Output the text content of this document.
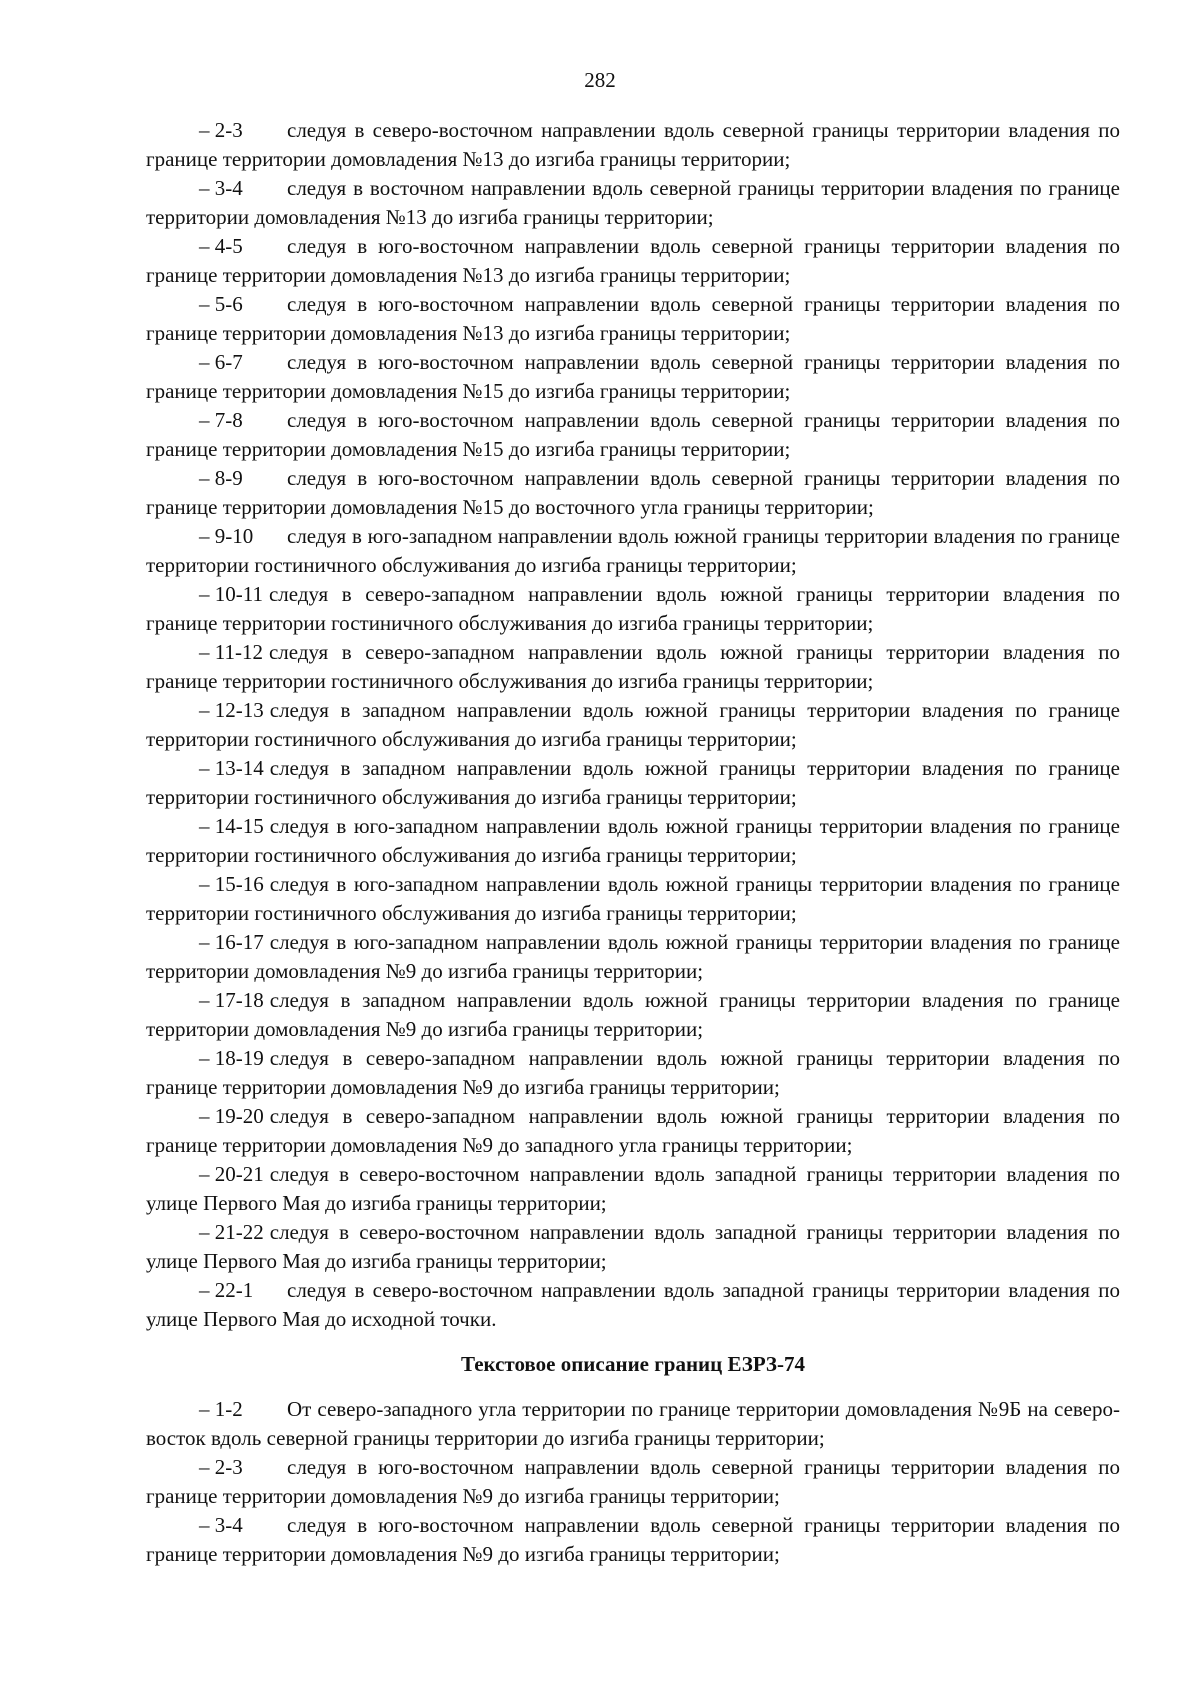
282

– 2-3 следуя в северо-восточном направлении вдоль северной границы территории владения по границе территории домовладения №13 до изгиба границы территории;

– 3-4 следуя в восточном направлении вдоль северной границы территории владения по границе территории домовладения №13 до изгиба границы территории;

– 4-5 следуя в юго-восточном направлении вдоль северной границы территории владения по границе территории домовладения №13 до изгиба границы территории;

– 5-6 следуя в юго-восточном направлении вдоль северной границы территории владения по границе территории домовладения №13 до изгиба границы территории;

– 6-7 следуя в юго-восточном направлении вдоль северной границы территории владения по границе территории домовладения №15 до изгиба границы территории;

– 7-8 следуя в юго-восточном направлении вдоль северной границы территории владения по границе территории домовладения №15 до изгиба границы территории;

– 8-9 следуя в юго-восточном направлении вдоль северной границы территории владения по границе территории домовладения №15 до восточного угла границы территории;

– 9-10 следуя в юго-западном направлении вдоль южной границы территории владения по границе территории гостиничного обслуживания до изгиба границы территории;

– 10-11 следуя в северо-западном направлении вдоль южной границы территории владения по границе территории гостиничного обслуживания до изгиба границы территории;

– 11-12 следуя в северо-западном направлении вдоль южной границы территории владения по границе территории гостиничного обслуживания до изгиба границы территории;

– 12-13 следуя в западном направлении вдоль южной границы территории владения по границе территории гостиничного обслуживания до изгиба границы территории;

– 13-14 следуя в западном направлении вдоль южной границы территории владения по границе территории гостиничного обслуживания до изгиба границы территории;

– 14-15 следуя в юго-западном направлении вдоль южной границы территории владения по границе территории гостиничного обслуживания до изгиба границы территории;

– 15-16 следуя в юго-западном направлении вдоль южной границы территории владения по границе территории гостиничного обслуживания до изгиба границы территории;

– 16-17 следуя в юго-западном направлении вдоль южной границы территории владения по границе территории домовладения №9 до изгиба границы территории;

– 17-18 следуя в западном направлении вдоль южной границы территории владения по границе территории домовладения №9 до изгиба границы территории;

– 18-19 следуя в северо-западном направлении вдоль южной границы территории владения по границе территории домовладения №9 до изгиба границы территории;

– 19-20 следуя в северо-западном направлении вдоль южной границы территории владения по границе территории домовладения №9 до западного угла границы территории;

– 20-21 следуя в северо-восточном направлении вдоль западной границы территории владения по улице Первого Мая до изгиба границы территории;

– 21-22 следуя в северо-восточном направлении вдоль западной границы территории владения по улице Первого Мая до изгиба границы территории;

– 22-1 следуя в северо-восточном направлении вдоль западной границы территории владения по улице Первого Мая до исходной точки.

Текстовое описание границ ЕЗРЗ-74

– 1-2 От северо-западного угла территории по границе территории домовладения №9Б на северо-восток вдоль северной границы территории до изгиба границы территории;

– 2-3 следуя в юго-восточном направлении вдоль северной границы территории владения по границе территории домовладения №9 до изгиба границы территории;

– 3-4 следуя в юго-восточном направлении вдоль северной границы территории владения по границе территории домовладения №9 до изгиба границы территории;
